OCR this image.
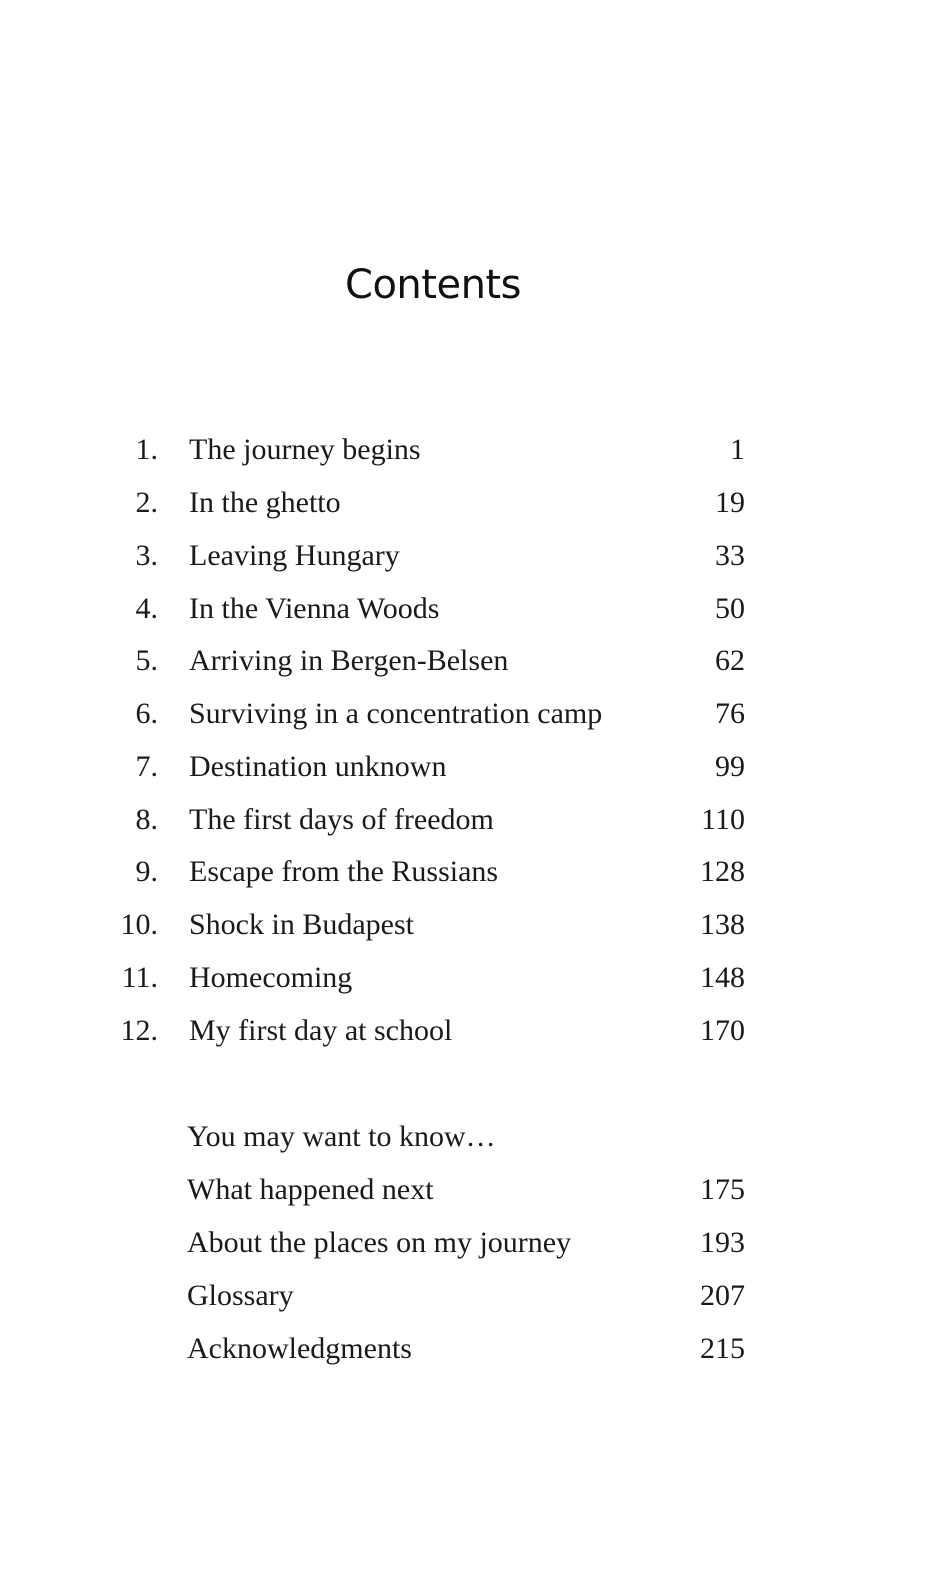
Contents
1. The journey begins	1
2. In the ghetto	19
3. Leaving Hungary	33
4. In the Vienna Woods	50
5. Arriving in Bergen-Belsen	62
6. Surviving in a concentration camp	76
7. Destination unknown	99
8. The first days of freedom	110
9. Escape from the Russians	128
10. Shock in Budapest	138
11. Homecoming	148
12. My first day at school	170
You may want to know…
What happened next	175
About the places on my journey	193
Glossary	207
Acknowledgments	215
